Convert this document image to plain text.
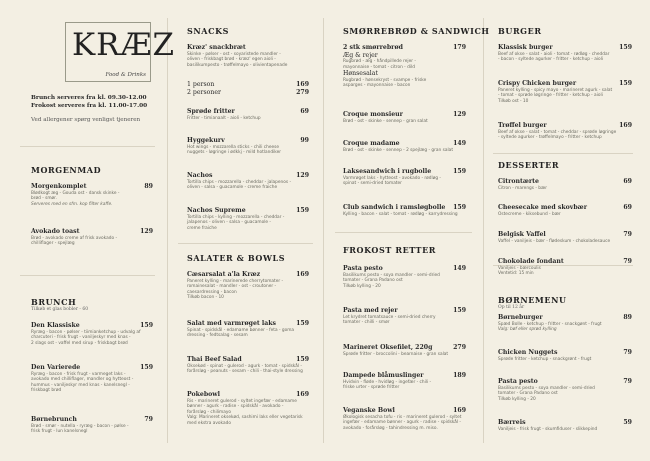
KRÆZ
Food & Drinks
Brunch serveres fra kl. 09.30-12.00
Frokost serveres fra kl. 11.00-17.00
Ved allergener spørg venligst tjeneren
MORGENMAD
Morgenkomplet	89
Blødkogt æg - Gouda ost - dansk skinke -
brød - smør.
Serveres med en sfm. kop filter kaffe.
Avokado toast	129
Brød - avokado creme af frisk avokado -
chilliflager - spejlæg
BRUNCH
Tilkøb et glas bobler - 60
Den Klassiske	159
Ryræg - bacon - pølser - tiimianketchup - udvalg af
charcuteri - frisk frugt - vaniljeskyr med knas -
2 slags ost - vaffel med sirup - friskbagt brød
Den Varierede	159
Ryræg - bacon - frisk frugt - varmeget laks -
avokado med chilliflager, mandler og hytteost -
hummus - vaniljeskyr med knas - kanelsnegl -
friskbagt brød
Børnebrunch	79
Brød - smør - nutella - ryræg - bacon - pølse -
frisk frugt - lun kanelsnegl
SNACKS
Kræz' snackbræt
Skinke - pølser - ost - soyaristede mandler -
oliven - friskbagt brød - kræz' egen aioli -
basilikumpesto - trøffelmayo - olivientapenade
1 person	169
2 personer	279
Sprøde fritter	69
Fritter - timianaalt - aioli - ketchup
Hyggekurv	99
Hot wings - mozzarella sticks - chili cheese
nuggets - løgringe i ødkkj - mild hotlandiker
Nachos	129
Tortilla chips - mozzarella - cheddar - jalapenos -
oliven - salsa - guacamole - creme fraiche
Nachos Supreme	159
Tortilla chips - kylling - mozzarella - cheddar -
jalapenos - oliven - salsa - guacamole -
creme fraiche
SALATER & BOWLS
Cæsarsalat a'la Kræz	169
Paneret kylling - marinerede cherrytomater -
romainesalat - mandler - ost - croutoner -
caesardressing - bacon
Tilkøb bacon - 10
Salat med varmrøget laks	159
Spinat - spidskål - edamame bønner - feta - goma
dressing - fedtsalag - sesam
Thai Beef Salad	159
Oksekød - spinat - gulerod - agurk - tomat - spidskål -
forårsløg - peanuts - sesam - chili - thai-style dressing
Pokebowl	169
Ris - marineret gulerod - syltet ingefær - edamame
bønner - agurk - radise - spidskål - avokado -
forårsløg - chilimayo
Valg: Marineret oksekød, sashimi laks eller vegetarisk med ekstra avokado
SMØRREBRØD & SANDWICH
2 stk smørrebrød	179
Æg & rejer
Rugbrød - æg - håndpillede rejer -
mayonnaise - tomat - citron - dild
Hønsesalat
Rugbrød - hønsekryst - svampe - friske
asparges - mayonnaise - bacon
Croque monsieur	129
Brød - ost - skinke - sennep - gran salat
Croque madame	149
Brød - ost - skinke - sennep - 2 spejlæg - gran salat
Laksesandwich i rugbolle	159
Varmrøget laks - hytteost - avokado - rødløg -
spinat - semi-dried tomater
Club sandwich i ramsløgbolle 159
Kylling - bacon - salat - tomat - rødløg - karrydressing
FROKOST RETTER
Pasta pesto	149
Basilikums pesto - soya mandler - semi-dried
tomater - Grana Padano ost
Tilkøb kylling - 20
Pasta med rejer	159
Let krydret tomatsauce - semi-dried cherry
tomater - chilli - smør
Marineret Oksefilet, 220g	279
Sprøde fritter - broccolini - bearnaise - gran salat
Dampede blåmuslinger	189
Hvidvin - fløde - hvidløg - ingefær - chili -
friske urter - sprøde fritter
Veganske Bowl	169
Økologisk sesacha tofu - ris - marineret gulerod - syltet
ingefær - edamame bønner - agurk - radise - spidskål -
avokado - forårsløg - tahindressing m. miso.
BURGER
Klassisk burger	159
Beef af oksе - salat - aioli - tomat - rødløg - cheddar
- bacon - syltede agurker - fritter - ketchup - aioli
Crispy Chicken burger	159
Paneret kylling - spicy mayo - marineret agurk - salat
- tomat - sprøde løgringe - fritter - ketchup - aioli
Tilkøb ost - 10
Trøffel burger	169
Beef af okse - salat - tomat - cheddar - sprøde løgringe
- syltede agurker - trøffelmayo - fritter - ketchup
DESSERTER
Citrontærte	69
Citron - marengs - bær
Cheesecake med skovbær	69
Ostecreme - kiksebund - bær
Belgisk Vaffel	79
Vaffel - vaniljeis - bær - flødeskum - chokoladesauce
Chokolade fondant	79
Vaniljeis - bærcoulis
Ventetid: 15 min
BØRNEMENU
Op til 12 år
Børneburger	89
Spæd Bolle - ketchup - fritter - snackgønt - frugt
Valg: bøf eller sprød kylling
Chicken Nuggets	79
Sprøde fritter - ketchup - snackgrønt - frugt
Pasta pesto	79
Basilikums pesto - soya mandler - semi-dried
tomater - Grana Padano ost
Tilkøb kylling - 20
Bærreis	59
Vaniljeis - frisk frugt - skumfiduser - slikkepind
